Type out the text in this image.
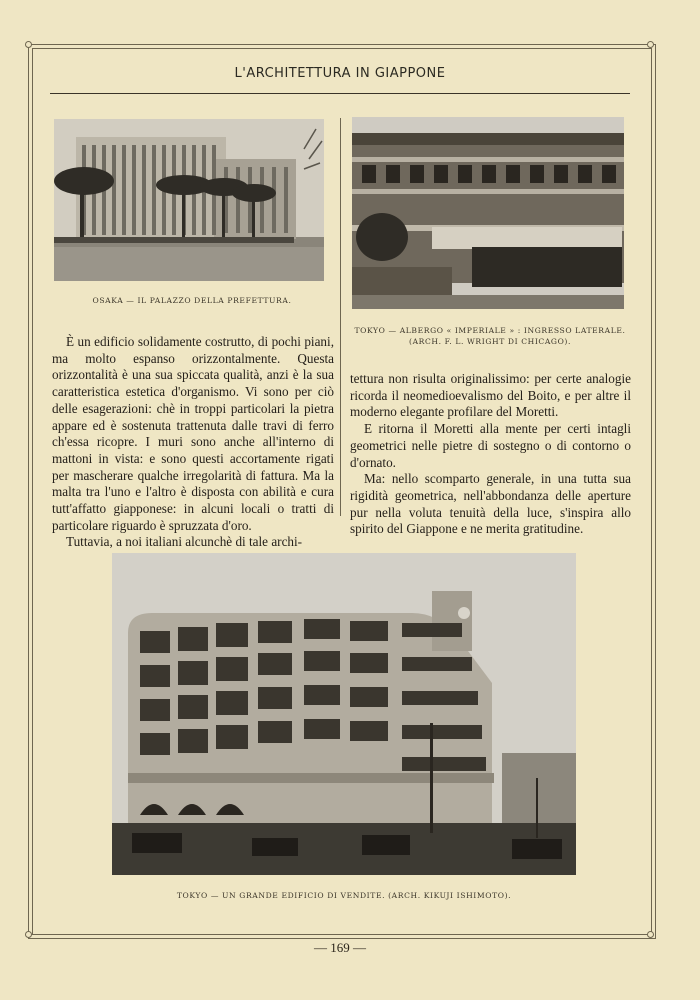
L'ARCHITETTURA IN GIAPPONE
OSAKA — IL PALAZZO DELLA PREFETTURA.
TOKYO — ALBERGO « IMPERIALE » : INGRESSO LATERALE.
(ARCH. F. L. WRIGHT DI CHICAGO).

È un edificio solidamente costrutto, di pochi piani, ma molto espanso orizzontalmente. Questa orizzontalità è una sua spiccata qualità, anzi è la sua caratteristica estetica d'organismo. Vi sono per ciò delle esagerazioni: chè in troppi particolari la pietra appare ed è sostenuta trattenuta dalle travi di ferro ch'essa ricopre. I muri sono anche all'interno di mattoni in vista: e sono questi accortamente rigati per mascherare qualche irregolarità di fattura. Ma la malta tra l'uno e l'altro è disposta con abilità e cura tutt'affatto giapponese: in alcuni locali o tratti di particolare riguardo è spruzzata d'oro.

Tuttavia, a noi italiani alcunchè di tale archi-

tettura non risulta originalissimo: per certe analogie ricorda il neomedioevalismo del Boito, e per altre il moderno elegante profilare del Moretti.

E ritorna il Moretti alla mente per certi intagli geometrici nelle pietre di sostegno o di contorno o d'ornato.

Ma: nello scomparto generale, in una tutta sua rigidità geometrica, nell'abbondanza delle aperture pur nella voluta tenuità della luce, s'inspira allo spirito del Giappone e ne merita gratitudine.

TOKYO — UN GRANDE EDIFICIO DI VENDITE. (ARCH. KIKUJI ISHIMOTO).
— 169 —
